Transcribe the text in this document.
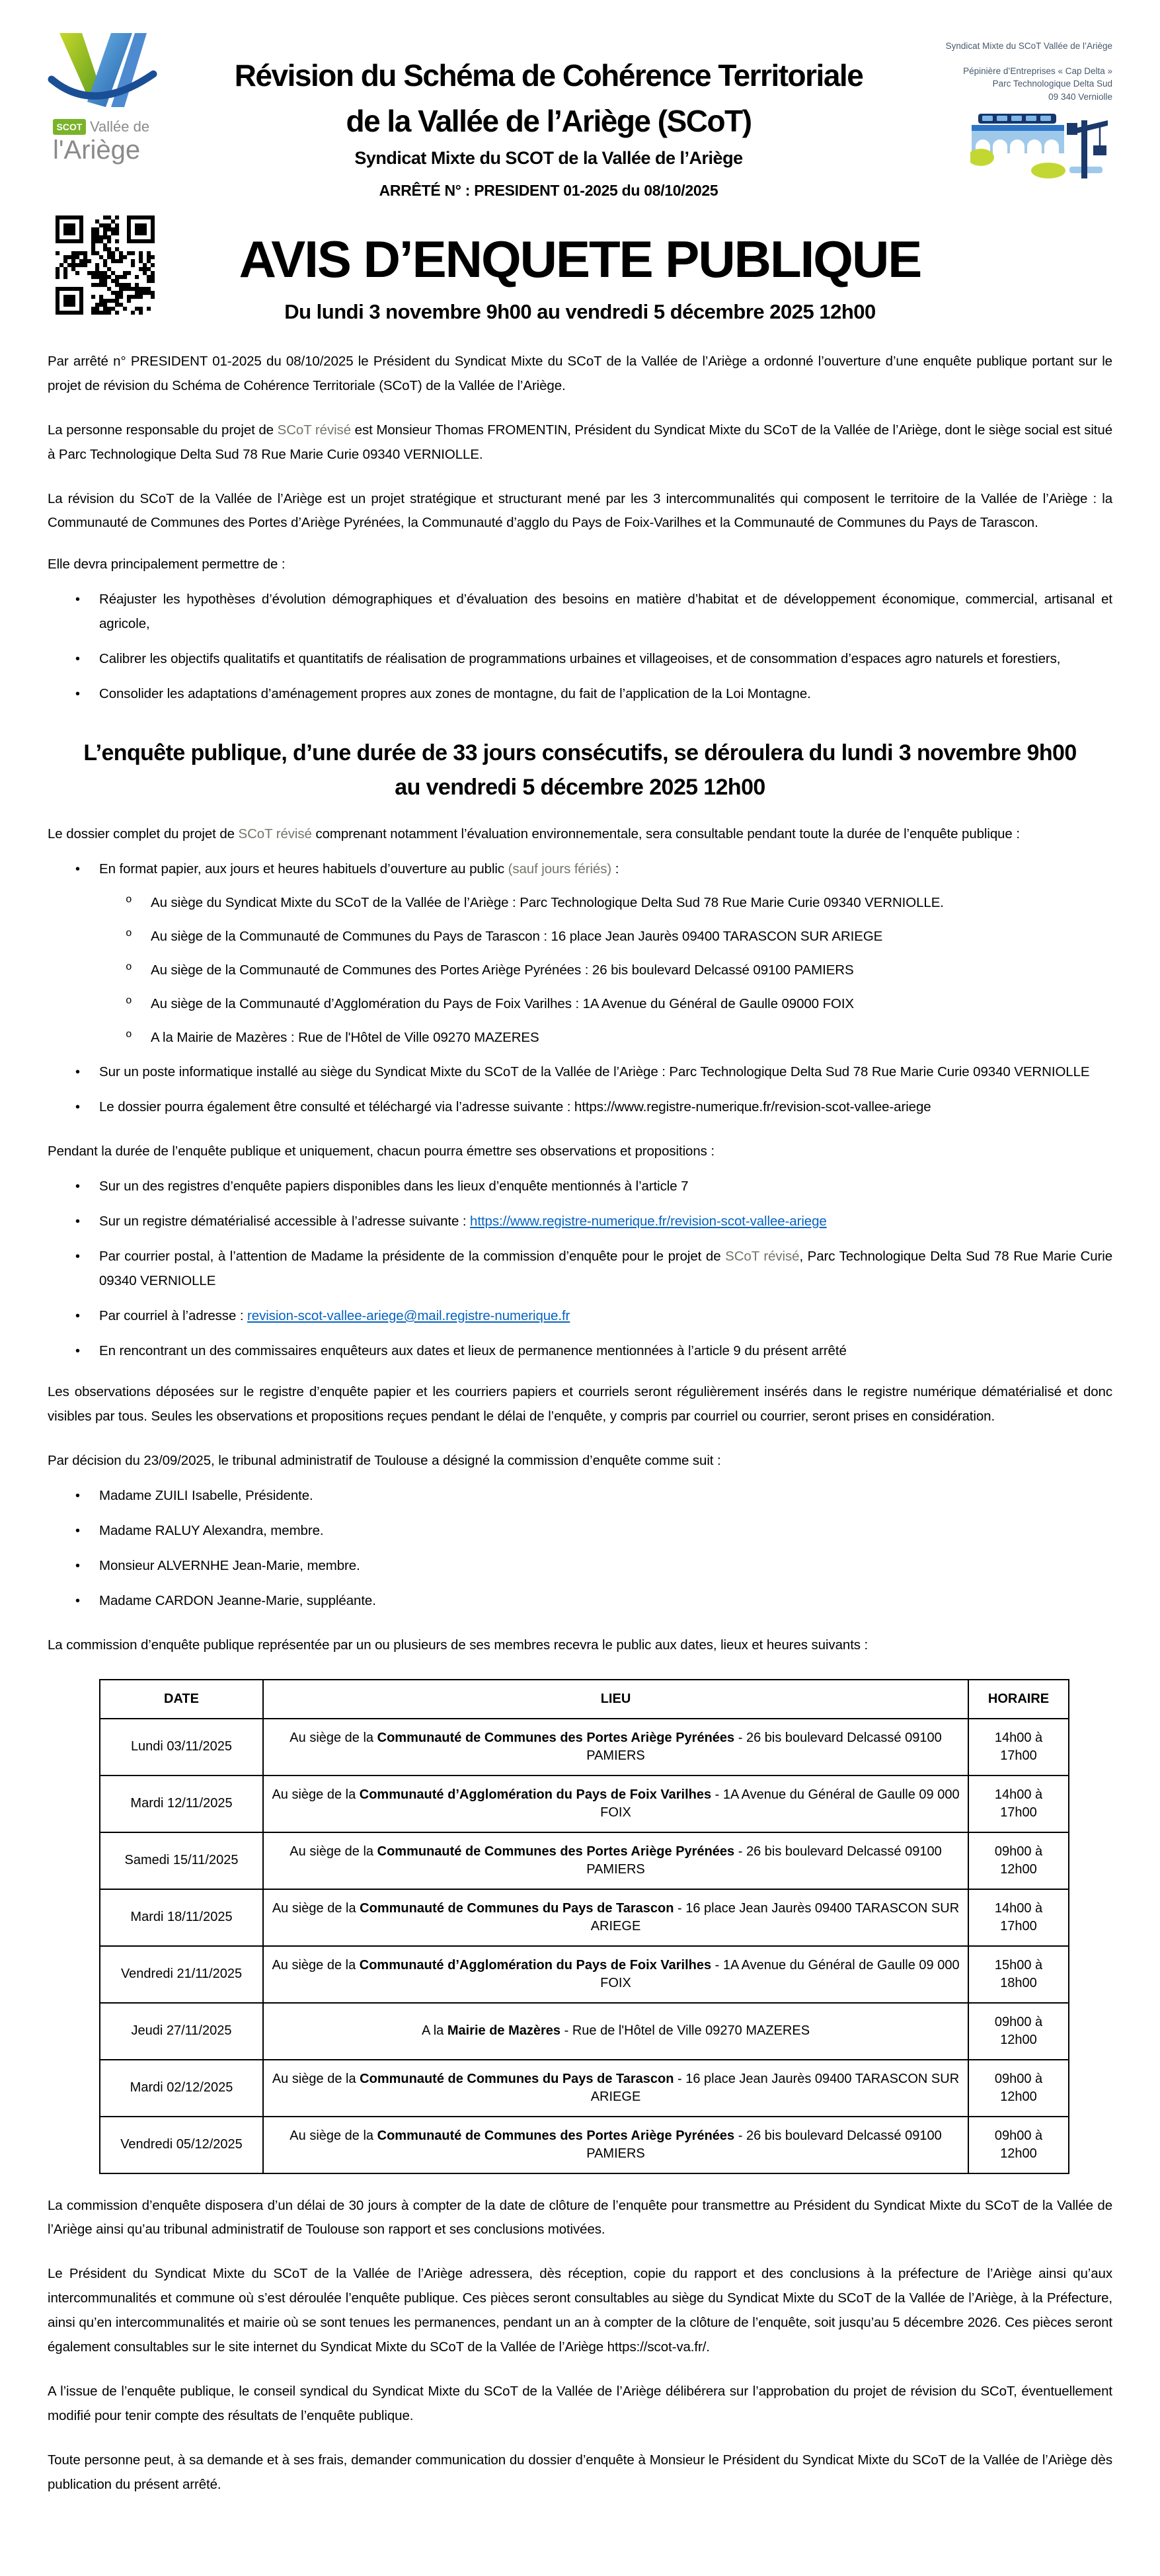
SCOT Vallée de
l'Ariège
Révision du Schéma de Cohérence Territoriale
de la Vallée de l’Ariège (SCoT)

Syndicat Mixte du SCOT de la Vallée de l’Ariège

ARRÊTÉ N° : PRESIDENT 01-2025 du 08/10/2025

Syndicat Mixte du SCoT Vallée de l’Ariège
Pépinière d’Entreprises « Cap Delta »
Parc Technologique Delta Sud
09 340 Verniolle
AVIS D’ENQUETE PUBLIQUE

Du lundi 3 novembre 9h00 au vendredi 5 décembre 2025 12h00

Par arrêté n° PRESIDENT 01-2025 du 08/10/2025 le Président du Syndicat Mixte du SCoT de la Vallée de l’Ariège a ordonné l’ouverture d’une enquête publique portant sur le projet de révision du Schéma de Cohérence Territoriale (SCoT) de la Vallée de l’Ariège.

La personne responsable du projet de SCoT révisé est Monsieur Thomas FROMENTIN, Président du Syndicat Mixte du SCoT de la Vallée de l’Ariège, dont le siège social est situé à Parc Technologique Delta Sud 78 Rue Marie Curie 09340 VERNIOLLE.

La révision du SCoT de la Vallée de l’Ariège est un projet stratégique et structurant mené par les 3 intercommunalités qui composent le territoire de la Vallée de l’Ariège : la Communauté de Communes des Portes d’Ariège Pyrénées, la Communauté d’agglo du Pays de Foix-Varilhes et la Communauté de Communes du Pays de Tarascon.

Elle devra principalement permettre de :

• Réajuster les hypothèses d’évolution démographiques et d’évaluation des besoins en matière d’habitat et de développement économique, commercial, artisanal et agricole,
• Calibrer les objectifs qualitatifs et quantitatifs de réalisation de programmations urbaines et villageoises, et de consommation d’espaces agro naturels et forestiers,
• Consolider les adaptations d’aménagement propres aux zones de montagne, du fait de l’application de la Loi Montagne.
L’enquête publique, d’une durée de 33 jours consécutifs, se déroulera du lundi 3 novembre 9h00 au vendredi 5 décembre 2025 12h00

Le dossier complet du projet de SCoT révisé comprenant notamment l’évaluation environnementale, sera consultable pendant toute la durée de l’enquête publique :

• En format papier, aux jours et heures habituels d’ouverture au public (sauf jours fériés) :
o Au siège du Syndicat Mixte du SCoT de la Vallée de l’Ariège : Parc Technologique Delta Sud 78 Rue Marie Curie 09340 VERNIOLLE.
o Au siège de la Communauté de Communes du Pays de Tarascon : 16 place Jean Jaurès 09400 TARASCON SUR ARIEGE
o Au siège de la Communauté de Communes des Portes Ariège Pyrénées : 26 bis boulevard Delcassé 09100 PAMIERS
o Au siège de la Communauté d’Agglomération du Pays de Foix Varilhes : 1A Avenue du Général de Gaulle 09000 FOIX
o A la Mairie de Mazères : Rue de l'Hôtel de Ville 09270 MAZERES
• Sur un poste informatique installé au siège du Syndicat Mixte du SCoT de la Vallée de l’Ariège : Parc Technologique Delta Sud 78 Rue Marie Curie 09340 VERNIOLLE
• Le dossier pourra également être consulté et téléchargé via l’adresse suivante : https://www.registre-numerique.fr/revision-scot-vallee-ariege

Pendant la durée de l’enquête publique et uniquement, chacun pourra émettre ses observations et propositions :

• Sur un des registres d’enquête papiers disponibles dans les lieux d’enquête mentionnés à l’article 7
• Sur un registre dématérialisé accessible à l’adresse suivante : https://www.registre-numerique.fr/revision-scot-vallee-ariege
• Par courrier postal, à l’attention de Madame la présidente de la commission d’enquête pour le projet de SCoT révisé, Parc Technologique Delta Sud 78 Rue Marie Curie 09340 VERNIOLLE
• Par courriel à l’adresse : revision-scot-vallee-ariege@mail.registre-numerique.fr
• En rencontrant un des commissaires enquêteurs aux dates et lieux de permanence mentionnées à l’article 9 du présent arrêté

Les observations déposées sur le registre d’enquête papier et les courriers papiers et courriels seront régulièrement insérés dans le registre numérique dématérialisé et donc visibles par tous. Seules les observations et propositions reçues pendant le délai de l’enquête, y compris par courriel ou courrier, seront prises en considération.

Par décision du 23/09/2025, le tribunal administratif de Toulouse a désigné la commission d’enquête comme suit :

• Madame ZUILI Isabelle, Présidente.
• Madame RALUY Alexandra, membre.
• Monsieur ALVERNHE Jean-Marie, membre.
• Madame CARDON Jeanne-Marie, suppléante.

La commission d’enquête publique représentée par un ou plusieurs de ses membres recevra le public aux dates, lieux et heures suivants :

DATE	LIEU	HORAIRE
Lundi 03/11/2025	Au siège de la Communauté de Communes des Portes Ariège Pyrénées - 26 bis boulevard Delcassé 09100 PAMIERS	14h00 à 17h00
Mardi 12/11/2025	Au siège de la Communauté d’Agglomération du Pays de Foix Varilhes - 1A Avenue du Général de Gaulle 09 000 FOIX	14h00 à 17h00
Samedi 15/11/2025	Au siège de la Communauté de Communes des Portes Ariège Pyrénées - 26 bis boulevard Delcassé 09100 PAMIERS	09h00 à 12h00
Mardi 18/11/2025	Au siège de la Communauté de Communes du Pays de Tarascon - 16 place Jean Jaurès 09400 TARASCON SUR ARIEGE	14h00 à 17h00
Vendredi 21/11/2025	Au siège de la Communauté d’Agglomération du Pays de Foix Varilhes - 1A Avenue du Général de Gaulle 09 000 FOIX	15h00 à 18h00
Jeudi 27/11/2025	A la Mairie de Mazères - Rue de l'Hôtel de Ville 09270 MAZERES	09h00 à 12h00
Mardi 02/12/2025	Au siège de la Communauté de Communes du Pays de Tarascon - 16 place Jean Jaurès 09400 TARASCON SUR ARIEGE	09h00 à 12h00
Vendredi 05/12/2025	Au siège de la Communauté de Communes des Portes Ariège Pyrénées - 26 bis boulevard Delcassé 09100 PAMIERS	09h00 à 12h00

La commission d’enquête disposera d’un délai de 30 jours à compter de la date de clôture de l’enquête pour transmettre au Président du Syndicat Mixte du SCoT de la Vallée de l’Ariège ainsi qu’au tribunal administratif de Toulouse son rapport et ses conclusions motivées.

Le Président du Syndicat Mixte du SCoT de la Vallée de l’Ariège adressera, dès réception, copie du rapport et des conclusions à la préfecture de l’Ariège ainsi qu’aux intercommunalités et commune où s’est déroulée l’enquête publique. Ces pièces seront consultables au siège du Syndicat Mixte du SCoT de la Vallée de l’Ariège, à la Préfecture, ainsi qu’en intercommunalités et mairie où se sont tenues les permanences, pendant un an à compter de la clôture de l’enquête, soit jusqu’au 5 décembre 2026. Ces pièces seront également consultables sur le site internet du Syndicat Mixte du SCoT de la Vallée de l’Ariège https://scot-va.fr/.

A l’issue de l’enquête publique, le conseil syndical du Syndicat Mixte du SCoT de la Vallée de l’Ariège délibérera sur l’approbation du projet de révision du SCoT, éventuellement modifié pour tenir compte des résultats de l’enquête publique.

Toute personne peut, à sa demande et à ses frais, demander communication du dossier d’enquête à Monsieur le Président du Syndicat Mixte du SCoT de la Vallée de l’Ariège dès publication du présent arrêté.
